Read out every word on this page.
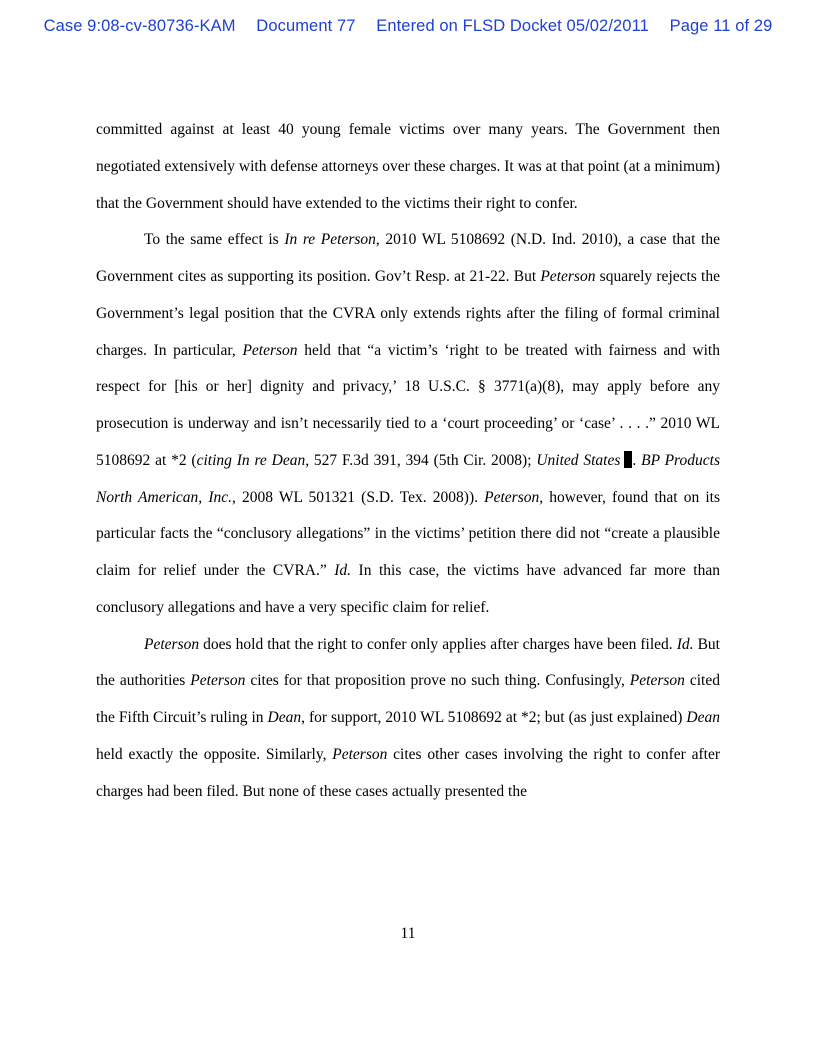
Case 9:08-cv-80736-KAM Document 77 Entered on FLSD Docket 05/02/2011 Page 11 of 29

committed against at least 40 young female victims over many years. The Government then negotiated extensively with defense attorneys over these charges. It was at that point (at a minimum) that the Government should have extended to the victims their right to confer.

To the same effect is In re Peterson, 2010 WL 5108692 (N.D. Ind. 2010), a case that the Government cites as supporting its position. Gov’t Resp. at 21-22. But Peterson squarely rejects the Government’s legal position that the CVRA only extends rights after the filing of formal criminal charges. In particular, Peterson held that “a victim’s ‘right to be treated with fairness and with respect for [his or her] dignity and privacy,’ 18 U.S.C. § 3771(a)(8), may apply before any prosecution is underway and isn’t necessarily tied to a ‘court proceeding’ or ‘case’ . . . .” 2010 WL 5108692 at *2 (citing In re Dean, 527 F.3d 391, 394 (5th Cir. 2008); United States . BP Products North American, Inc., 2008 WL 501321 (S.D. Tex. 2008)). Peterson, however, found that on its particular facts the “conclusory allegations” in the victims’ petition there did not “create a plausible claim for relief under the CVRA.” Id. In this case, the victims have advanced far more than conclusory allegations and have a very specific claim for relief.

Peterson does hold that the right to confer only applies after charges have been filed. Id. But the authorities Peterson cites for that proposition prove no such thing. Confusingly, Peterson cited the Fifth Circuit’s ruling in Dean, for support, 2010 WL 5108692 at *2; but (as just explained) Dean held exactly the opposite. Similarly, Peterson cites other cases involving the right to confer after charges had been filed. But none of these cases actually presented the

11
